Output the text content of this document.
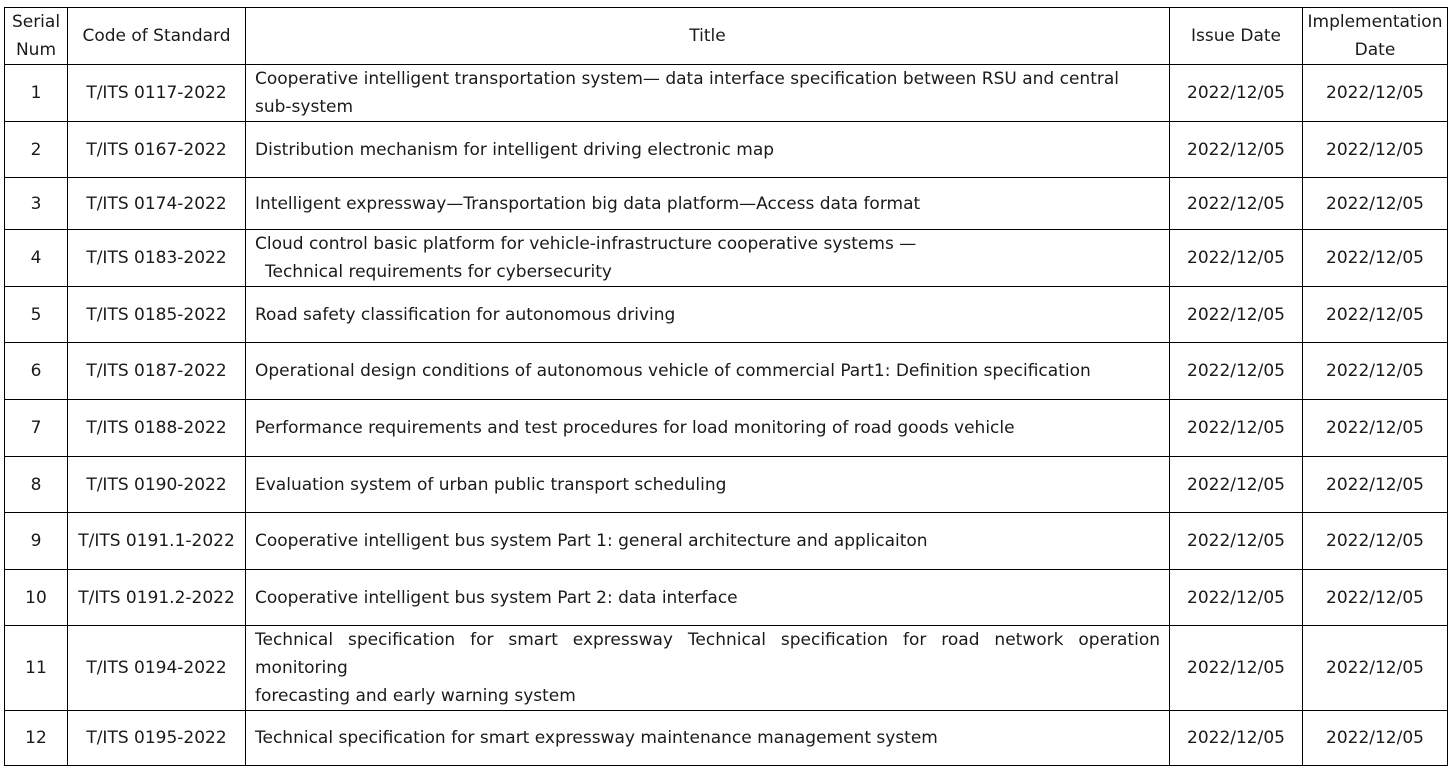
Serial
Num	Code of Standard	Title	Issue Date	Implementation
Date
1	T/ITS 0117-2022	Cooperative intelligent transportation system— data interface specification between RSU and central sub-system	2022/12/05	2022/12/05
2	T/ITS 0167-2022	Distribution mechanism for intelligent driving electronic map	2022/12/05	2022/12/05
3	T/ITS 0174-2022	Intelligent expressway—Transportation big data platform—Access data format	2022/12/05	2022/12/05
4	T/ITS 0183-2022	Cloud control basic platform for vehicle-infrastructure cooperative systems —
Technical requirements for cybersecurity	2022/12/05	2022/12/05
5	T/ITS 0185-2022	Road safety classification for autonomous driving	2022/12/05	2022/12/05
6	T/ITS 0187-2022	Operational design conditions of autonomous vehicle of commercial Part1: Definition specification	2022/12/05	2022/12/05
7	T/ITS 0188-2022	Performance requirements and test procedures for load monitoring of road goods vehicle	2022/12/05	2022/12/05
8	T/ITS 0190-2022	Evaluation system of urban public transport scheduling	2022/12/05	2022/12/05
9	T/ITS 0191.1-2022	Cooperative intelligent bus system Part 1: general architecture and applicaiton	2022/12/05	2022/12/05
10	T/ITS 0191.2-2022	Cooperative intelligent bus system Part 2: data interface	2022/12/05	2022/12/05
11	T/ITS 0194-2022	Technical specification for smart expressway Technical specification for road network operation monitoring
forecasting and early warning system	2022/12/05	2022/12/05
12	T/ITS 0195-2022	Technical specification for smart expressway maintenance management system	2022/12/05	2022/12/05
